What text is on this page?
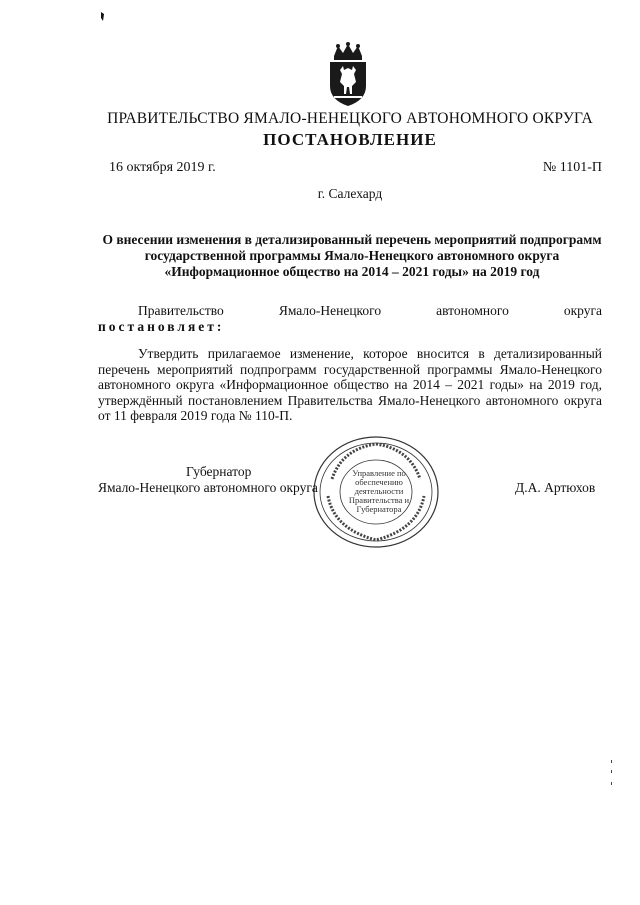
ПРАВИТЕЛЬСТВО ЯМАЛО-НЕНЕЦКОГО АВТОНОМНОГО ОКРУГА
ПОСТАНОВЛЕНИЕ
16 октября 2019 г.	№ 1101-П
г. Салехард
О внесении изменения в детализированный перечень мероприятий подпрограмм государственной программы Ямало-Ненецкого автономного округа «Информационное общество на 2014 – 2021 годы» на 2019 год
Правительство	Ямало-Ненецкого	автономного	округа
постановляет:
Утвердить прилагаемое изменение, которое вносится в детализированный перечень мероприятий подпрограмм государственной программы Ямало-Ненецкого автономного округа «Информационное общество на 2014 – 2021 годы» на 2019 год, утверждённый постановлением Правительства Ямало-Ненецкого автономного округа от 11 февраля 2019 года № 110-П.
Управление по обеспечению деятельности Правительства и Губернатора
Губернатор
Ямало-Ненецкого автономного округа	Д.А. Артюхов
